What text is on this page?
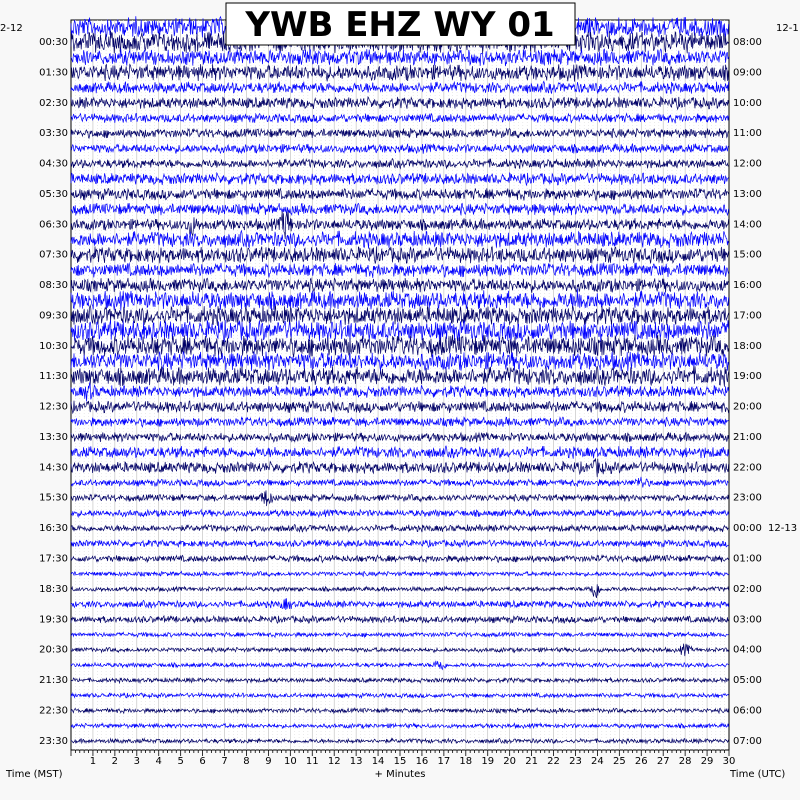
00:30
01:30
02:30
03:30
04:30
05:30
06:30
07:30
08:30
09:30
10:30
11:30
12:30
13:30
14:30
15:30
16:30
17:30
18:30
19:30
20:30
21:30
22:30
23:30
08:00
09:00
10:00
11:00
12:00
13:00
14:00
15:00
16:00
17:00
18:00
19:00
20:00
21:00
22:00
23:00
00:00 12-13
01:00
02:00
03:00
04:00
05:00
06:00
07:00
1 2 3 4 5 6 7 8 9 10 11 12 13 14 15 16 17 18 19 20 21 22 23 24 25 26 27 28 29 30
YWB EHZ WY 01
2-12	12-1
+ Minutes
Time (MST)	Time (UTC)
